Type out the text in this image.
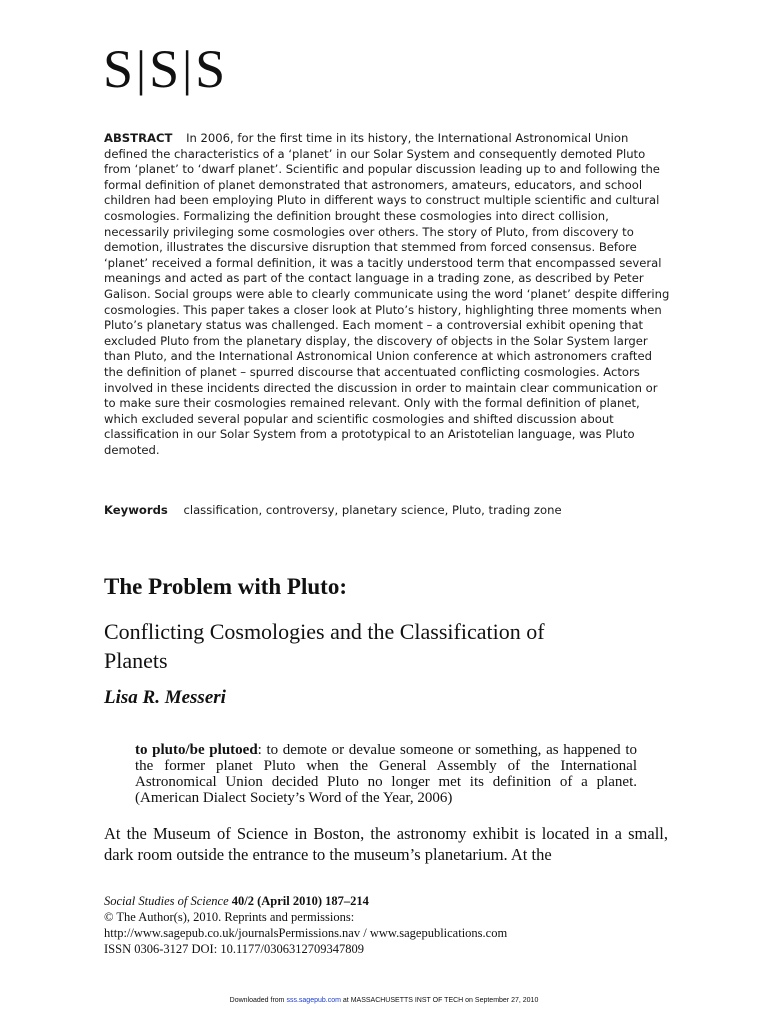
S|S|S

ABSTRACT In 2006, for the first time in its history, the International Astronomical Union defined the characteristics of a ‘planet’ in our Solar System and consequently demoted Pluto from ‘planet’ to ‘dwarf planet’. Scientific and popular discussion leading up to and following the formal definition of planet demonstrated that astronomers, amateurs, educators, and school children had been employing Pluto in different ways to construct multiple scientific and cultural cosmologies. Formalizing the definition brought these cosmologies into direct collision, necessarily privileging some cosmologies over others. The story of Pluto, from discovery to demotion, illustrates the discursive disruption that stemmed from forced consensus. Before ‘planet’ received a formal definition, it was a tacitly understood term that encompassed several meanings and acted as part of the contact language in a trading zone, as described by Peter Galison. Social groups were able to clearly communicate using the word ‘planet’ despite differing cosmologies. This paper takes a closer look at Pluto’s history, highlighting three moments when Pluto’s planetary status was challenged. Each moment – a controversial exhibit opening that excluded Pluto from the planetary display, the discovery of objects in the Solar System larger than Pluto, and the International Astronomical Union conference at which astronomers crafted the definition of planet – spurred discourse that accentuated conflicting cosmologies. Actors involved in these incidents directed the discussion in order to maintain clear communication or to make sure their cosmologies remained relevant. Only with the formal definition of planet, which excluded several popular and scientific cosmologies and shifted discussion about classification in our Solar System from a prototypical to an Aristotelian language, was Pluto demoted.

Keywords classification, controversy, planetary science, Pluto, trading zone

The Problem with Pluto:
Conflicting Cosmologies and the Classification of Planets
Lisa R. Messeri

to pluto/be plutoed: to demote or devalue someone or something, as happened to the former planet Pluto when the General Assembly of the International Astronomical Union decided Pluto no longer met its definition of a planet. (American Dialect Society’s Word of the Year, 2006)

At the Museum of Science in Boston, the astronomy exhibit is located in a small, dark room outside the entrance to the museum’s planetarium. At the

Social Studies of Science 40/2 (April 2010) 187–214
© The Author(s), 2010. Reprints and permissions:
http://www.sagepub.co.uk/journalsPermissions.nav / www.sagepublications.com
ISSN 0306-3127 DOI: 10.1177/0306312709347809
Downloaded from sss.sagepub.com at MASSACHUSETTS INST OF TECH on September 27, 2010
